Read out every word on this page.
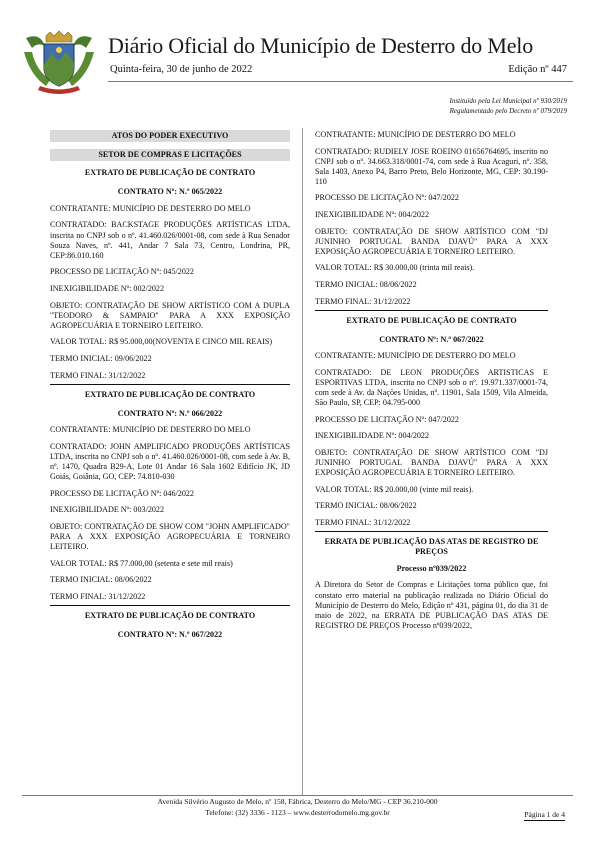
Diário Oficial do Município de Desterro do Melo
Quinta-feira, 30 de junho de 2022	Edição nº 447
Instituído pela Lei Municipal nº 930/2019
Regulamentado pelo Decreto nº 079/2019
ATOS DO PODER EXECUTIVO
SETOR DE COMPRAS E LICITAÇÕES

EXTRATO DE PUBLICAÇÃO DE CONTRATO

CONTRATO Nº: N.º 065/2022

CONTRATANTE: MUNICÍPIO DE DESTERRO DO MELO

CONTRATADO: BACKSTAGE PRODUÇÕES ARTÍSTICAS LTDA, inscrita no CNPJ sob o nº. 41.460.026/0001-08, com sede à Rua Senador Souza Naves, nº. 441, Andar 7 Sala 73, Centro, Londrina, PR, CEP:86.010.160

PROCESSO DE LICITAÇÃO Nº: 045/2022

INEXIGIBILIDADE Nº: 002/2022

OBJETO: CONTRATAÇÃO DE SHOW ARTÍSTICO COM A DUPLA "TEODORO & SAMPAIO" PARA A XXX EXPOSIÇÃO AGROPECUÁRIA E TORNEIRO LEITEIRO.

VALOR TOTAL: R$ 95.000,00(NOVENTA E CINCO MIL REAIS)

TERMO INICIAL: 09/06/2022

TERMO FINAL: 31/12/2022

EXTRATO DE PUBLICAÇÃO DE CONTRATO

CONTRATO Nº: N.º 066/2022

CONTRATANTE: MUNICÍPIO DE DESTERRO DO MELO

CONTRATADO: JOHN AMPLIFICADO PRODUÇÕES ARTÍSTICAS LTDA, inscrita no CNPJ sob o nº. 41.460.026/0001-08, com sede à Av. B, nº. 1470, Quadra B29-A, Lote 01 Andar 16 Sala 1602 Edifício JK, JD Goiás, Goiânia, GO, CEP: 74.810-030

PROCESSO DE LICITAÇÃO Nº: 046/2022

INEXIGIBILIDADE Nº: 003/2022

OBJETO: CONTRATAÇÃO DE SHOW COM "JOHN AMPLIFICADO" PARA A XXX EXPOSIÇÃO AGROPECUÁRIA E TORNEIRO LEITEIRO.

VALOR TOTAL: R$ 77.000,00 (setenta e sete mil reais)

TERMO INICIAL: 08/06/2022

TERMO FINAL: 31/12/2022

EXTRATO DE PUBLICAÇÃO DE CONTRATO

CONTRATO Nº: N.º 067/2022

CONTRATANTE: MUNICÍPIO DE DESTERRO DO MELO

CONTRATADO: RUDIELY JOSE ROEINO 01656764695, inscrito no CNPJ sob o nº. 34.663.318/0001-74, com sede à Rua Acaguri, nº. 358, Sala 1403, Anexo P4, Barro Preto, Belo Horizonte, MG, CEP: 30.190-110

PROCESSO DE LICITAÇÃO Nº: 047/2022

INEXIGIBILIDADE Nº: 004/2022

OBJETO: CONTRATAÇÃO DE SHOW ARTÍSTICO COM "DJ JUNINHO PORTUGAL BANDA DJAVÚ" PARA A XXX EXPOSIÇÃO AGROPECUÁRIA E TORNEIRO LEITEIRO.

VALOR TOTAL: R$ 30.000,00 (trinta mil reais).

TERMO INICIAL: 08/06/2022

TERMO FINAL: 31/12/2022

EXTRATO DE PUBLICAÇÃO DE CONTRATO

CONTRATO Nº: N.º 067/2022

CONTRATANTE: MUNICÍPIO DE DESTERRO DO MELO

CONTRATADO: DE LEON PRODUÇÕES ARTISTICAS E ESPORTIVAS LTDA, inscrita no CNPJ sob o nº. 19.971.337/0001-74, com sede à Av. da Nações Unidas, nº. 11901, Sala 1509, Vila Almeida, São Paulo, SP, CEP: 04.795-000

PROCESSO DE LICITAÇÃO Nº: 047/2022

INEXIGIBILIDADE Nº: 004/2022

OBJETO: CONTRATAÇÃO DE SHOW ARTÍSTICO COM "DJ JUNINHO PORTUGAL BANDA DJAVÚ" PARA A XXX EXPOSIÇÃO AGROPECUÁRIA E TORNEIRO LEITEIRO.

VALOR TOTAL: R$ 20.000,00 (vinte mil reais).

TERMO INICIAL: 08/06/2022

TERMO FINAL: 31/12/2022

ERRATA DE PUBLICAÇÃO DAS ATAS DE REGISTRO DE PREÇOS

Processo nº039/2022

A Diretora do Setor de Compras e Licitações torna público que, foi constato erro material na publicação realizada no Diário Oficial do Município de Desterro do Melo, Edição nº 431, página 01, do dia 31 de maio de 2022, na ERRATA DE PUBLICAÇÃO DAS ATAS DE REGISTRO DE PREÇOS Processo nº039/2022,

Avenida Silvério Augusto de Melo, nº 158, Fábrica, Desterro do Melo/MG - CEP 36.210-000
Telefone: (32) 3336 - 1123 – www.desterrodomelo.mg.gov.br	Página 1 de 4
